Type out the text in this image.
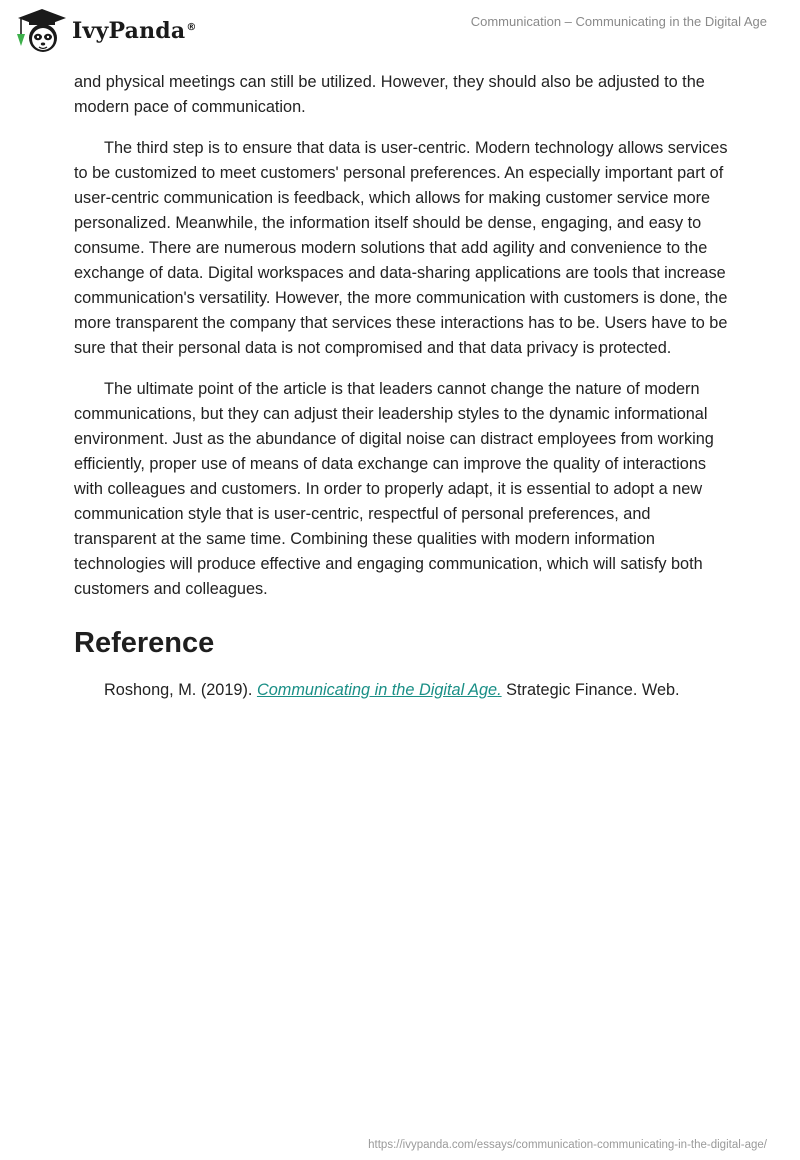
IvyPanda®	Communication – Communicating in the Digital Age

and physical meetings can still be utilized. However, they should also be adjusted to the modern pace of communication.

The third step is to ensure that data is user-centric. Modern technology allows services to be customized to meet customers' personal preferences. An especially important part of user-centric communication is feedback, which allows for making customer service more personalized. Meanwhile, the information itself should be dense, engaging, and easy to consume. There are numerous modern solutions that add agility and convenience to the exchange of data. Digital workspaces and data-sharing applications are tools that increase communication's versatility. However, the more communication with customers is done, the more transparent the company that services these interactions has to be. Users have to be sure that their personal data is not compromised and that data privacy is protected.

The ultimate point of the article is that leaders cannot change the nature of modern communications, but they can adjust their leadership styles to the dynamic informational environment. Just as the abundance of digital noise can distract employees from working efficiently, proper use of means of data exchange can improve the quality of interactions with colleagues and customers. In order to properly adapt, it is essential to adopt a new communication style that is user-centric, respectful of personal preferences, and transparent at the same time. Combining these qualities with modern information technologies will produce effective and engaging communication, which will satisfy both customers and colleagues.

Reference

Roshong, M. (2019). Communicating in the Digital Age. Strategic Finance. Web.

https://ivypanda.com/essays/communication-communicating-in-the-digital-age/
